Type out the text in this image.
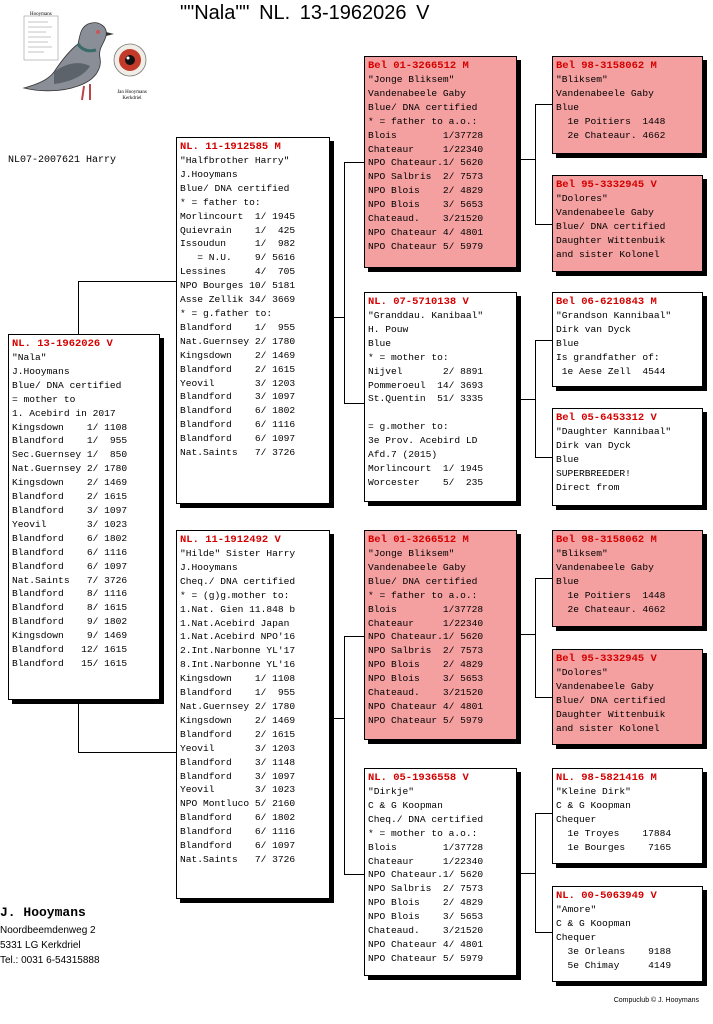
""Nala"" NL. 13-1962026 V
Hooymans
Jan Hooymans Kerkdriel
NL07-2007621 Harry
NL. 13-1962026 V
"Nala"
J.Hooymans
Blue/ DNA certified
= mother to
1. Acebird in 2017
Kingsdown    1/ 1108
Blandford    1/  955
Sec.Guernsey 1/  850
Nat.Guernsey 2/ 1780
Kingsdown    2/ 1469
Blandford    2/ 1615
Blandford    3/ 1097
Yeovil       3/ 1023
Blandford    6/ 1802
Blandford    6/ 1116
Blandford    6/ 1097
Nat.Saints   7/ 3726
Blandford    8/ 1116
Blandford    8/ 1615
Blandford    9/ 1802
Kingsdown    9/ 1469
Blandford   12/ 1615
Blandford   15/ 1615
NL. 11-1912585 M
"Halfbrother Harry"
J.Hooymans
Blue/ DNA certified
* = father to:
Morlincourt  1/ 1945
Quievrain    1/  425
Issoudun     1/  982
= N.U.    9/ 5616
Lessines     4/  705
NPO Bourges 10/ 5181
Asse Zellik 34/ 3669
* = g.father to:
Blandford    1/  955
Nat.Guernsey 2/ 1780
Kingsdown    2/ 1469
Blandford    2/ 1615
Yeovil       3/ 1203
Blandford    3/ 1097
Blandford    6/ 1802
Blandford    6/ 1116
Blandford    6/ 1097
Nat.Saints   7/ 3726
NL. 11-1912492 V
"Hilde" Sister Harry
J.Hooymans
Cheq./ DNA certified
* = (g)g.mother to:
1.Nat. Gien 11.848 b
1.Nat.Acebird Japan
1.Nat.Acebird NPO'16
2.Int.Narbonne YL'17
8.Int.Narbonne YL'16
Kingsdown    1/ 1108
Blandford    1/  955
Nat.Guernsey 2/ 1780
Kingsdown    2/ 1469
Blandford    2/ 1615
Yeovil       3/ 1203
Blandford    3/ 1148
Blandford    3/ 1097
Yeovil       3/ 1023
NPO Montluco 5/ 2160
Blandford    6/ 1802
Blandford    6/ 1116
Blandford    6/ 1097
Nat.Saints   7/ 3726
Bel 01-3266512 M
"Jonge Bliksem"
Vandenabeele Gaby
Blue/ DNA certified
* = father to a.o.:
Blois        1/37728
Chateaur     1/22340
NPO Chateaur.1/ 5620
NPO Salbris  2/ 7573
NPO Blois    2/ 4829
NPO Blois    3/ 5653
Chateaud.    3/21520
NPO Chateaur 4/ 4801
NPO Chateaur 5/ 5979
NL. 07-5710138 V
"Granddau. Kanibaal"
H. Pouw
Blue
* = mother to:
Nijvel       2/ 8891
Pommeroeul  14/ 3693
St.Quentin  51/ 3335
= g.mother to:
3e Prov. Acebird LD
Afd.7 (2015)
Morlincourt  1/ 1945
Worcester    5/  235
Bel 01-3266512 M
"Jonge Bliksem"
Vandenabeele Gaby
Blue/ DNA certified
* = father to a.o.:
Blois        1/37728
Chateaur     1/22340
NPO Chateaur.1/ 5620
NPO Salbris  2/ 7573
NPO Blois    2/ 4829
NPO Blois    3/ 5653
Chateaud.    3/21520
NPO Chateaur 4/ 4801
NPO Chateaur 5/ 5979
NL. 05-1936558 V
"Dirkje"
C & G Koopman
Cheq./ DNA certified
* = mother to a.o.:
Blois        1/37728
Chateaur     1/22340
NPO Chateaur.1/ 5620
NPO Salbris  2/ 7573
NPO Blois    2/ 4829
NPO Blois    3/ 5653
Chateaud.    3/21520
NPO Chateaur 4/ 4801
NPO Chateaur 5/ 5979
Bel 98-3158062 M
"Bliksem"
Vandenabeele Gaby
Blue
1e Poitiers  1448
2e Chateaur. 4662
Bel 95-3332945 V
"Dolores"
Vandenabeele Gaby
Blue/ DNA certified
Daughter Wittenbuik
and sister Kolonel
Bel 06-6210843 M
"Grandson Kannibaal"
Dirk van Dyck
Blue
Is grandfather of:
1e Aese Zell  4544
Bel 05-6453312 V
"Daughter Kannibaal"
Dirk van Dyck
Blue
SUPERBREEDER!
Direct from
Bel 98-3158062 M
"Bliksem"
Vandenabeele Gaby
Blue
1e Poitiers  1448
2e Chateaur. 4662
Bel 95-3332945 V
"Dolores"
Vandenabeele Gaby
Blue/ DNA certified
Daughter Wittenbuik
and sister Kolonel
NL. 98-5821416 M
"Kleine Dirk"
C & G Koopman
Chequer
1e Troyes    17884
1e Bourges    7165
NL. 00-5063949 V
"Amore"
C & G Koopman
Chequer
3e Orleans    9188
5e Chimay     4149
J. Hooymans
Noordbeemdenweg 2
5331 LG Kerkdriel
Tel.: 0031 6-54315888
Compuclub © J. Hooymans
